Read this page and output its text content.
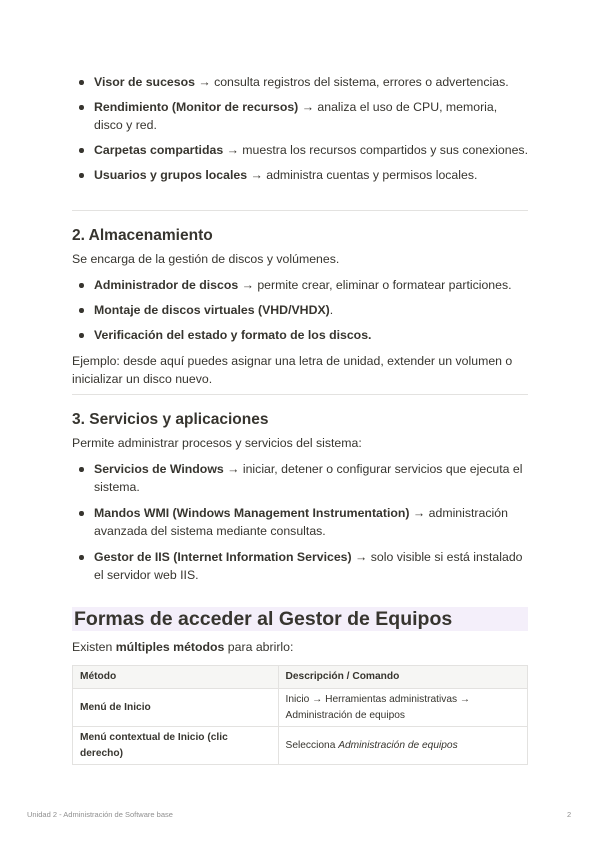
Visor de sucesos → consulta registros del sistema, errores o advertencias.
Rendimiento (Monitor de recursos) → analiza el uso de CPU, memoria, disco y red.
Carpetas compartidas → muestra los recursos compartidos y sus conexiones.
Usuarios y grupos locales → administra cuentas y permisos locales.
2. Almacenamiento

Se encarga de la gestión de discos y volúmenes.

Administrador de discos → permite crear, eliminar o formatear particiones.
Montaje de discos virtuales (VHD/VHDX).
Verificación del estado y formato de los discos.

Ejemplo: desde aquí puedes asignar una letra de unidad, extender un volumen o inicializar un disco nuevo.

3. Servicios y aplicaciones

Permite administrar procesos y servicios del sistema:

Servicios de Windows → iniciar, detener o configurar servicios que ejecuta el sistema.
Mandos WMI (Windows Management Instrumentation) → administración avanzada del sistema mediante consultas.
Gestor de IIS (Internet Information Services) → solo visible si está instalado el servidor web IIS.
Formas de acceder al Gestor de Equipos

Existen múltiples métodos para abrirlo:

Método	Descripción / Comando
Menú de Inicio	Inicio → Herramientas administrativas → Administración de equipos
Menú contextual de Inicio (clic derecho)	Selecciona Administración de equipos
Unidad 2 - Administración de Software base	2
